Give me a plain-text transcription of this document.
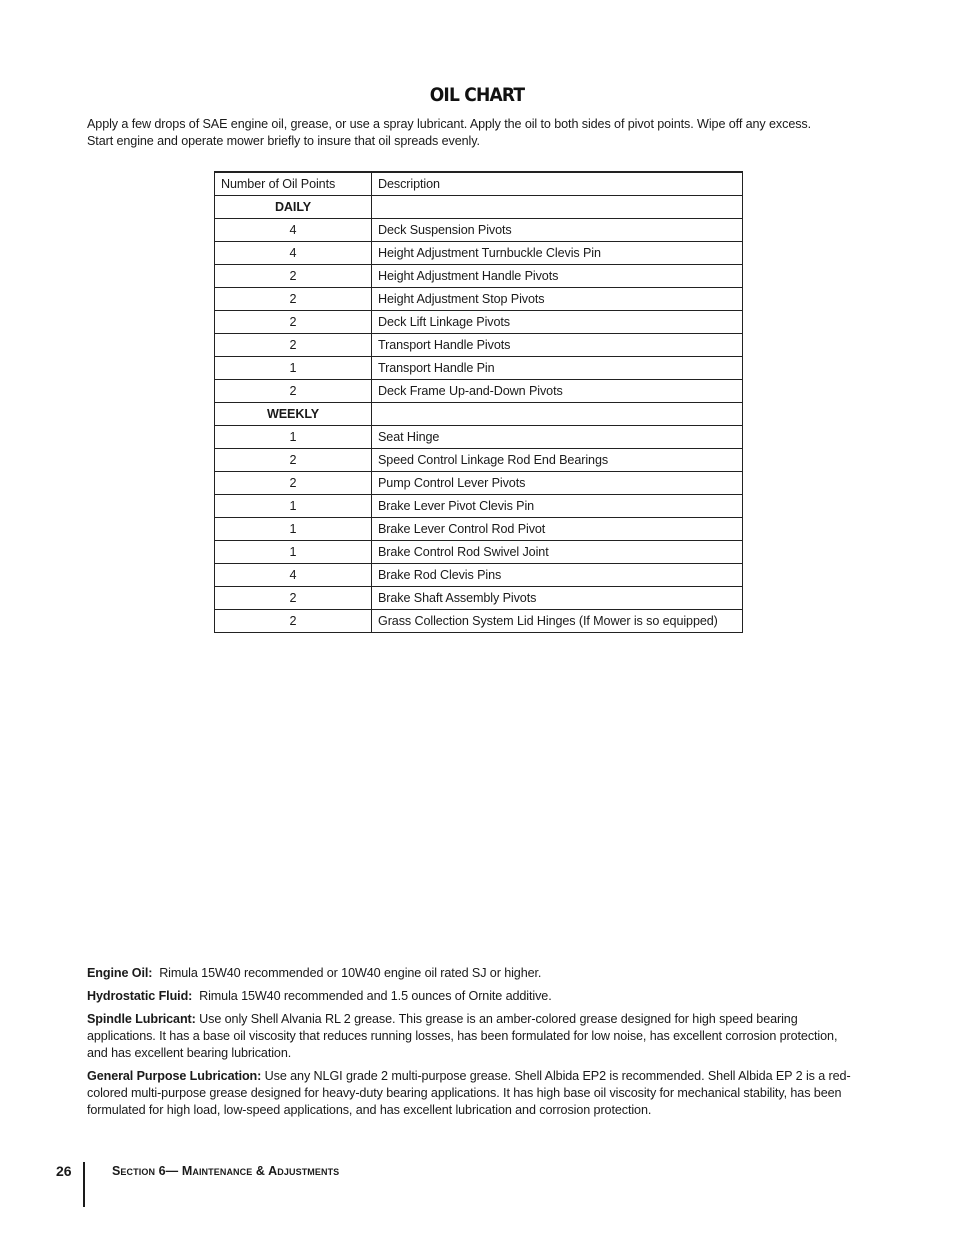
OIL CHART

Apply a few drops of SAE engine oil, grease, or use a spray lubricant. Apply the oil to both sides of pivot points. Wipe off any excess.

Start engine and operate mower briefly to insure that oil spreads evenly.

Number of Oil Points	Description
DAILY	
4	Deck Suspension Pivots
4	Height Adjustment Turnbuckle Clevis Pin
2	Height Adjustment Handle Pivots
2	Height Adjustment Stop Pivots
2	Deck Lift Linkage Pivots
2	Transport Handle Pivots
1	Transport Handle Pin
2	Deck Frame Up-and-Down Pivots
WEEKLY	
1	Seat Hinge
2	Speed Control Linkage Rod End Bearings
2	Pump Control Lever Pivots
1	Brake Lever Pivot Clevis Pin
1	Brake Lever Control Rod Pivot
1	Brake Control Rod Swivel Joint
4	Brake Rod Clevis Pins
2	Brake Shaft Assembly Pivots
2	Grass Collection System Lid Hinges (If Mower is so equipped)

Engine Oil: Rimula 15W40 recommended or 10W40 engine oil rated SJ or higher.

Hydrostatic Fluid: Rimula 15W40 recommended and 1.5 ounces of Ornite additive.

Spindle Lubricant: Use only Shell Alvania RL 2 grease. This grease is an amber-colored grease designed for high speed bearing applications. It has a base oil viscosity that reduces running losses, has been formulated for low noise, has excellent corrosion protection, and has excellent bearing lubrication.

General Purpose Lubrication: Use any NLGI grade 2 multi-purpose grease. Shell Albida EP2 is recommended. Shell Albida EP 2 is a red-colored multi-purpose grease designed for heavy-duty bearing applications. It has high base oil viscosity for mechanical stability, has been formulated for high load, low-speed applications, and has excellent lubrication and corrosion protection.

26	Section 6— Maintenance & Adjustments
